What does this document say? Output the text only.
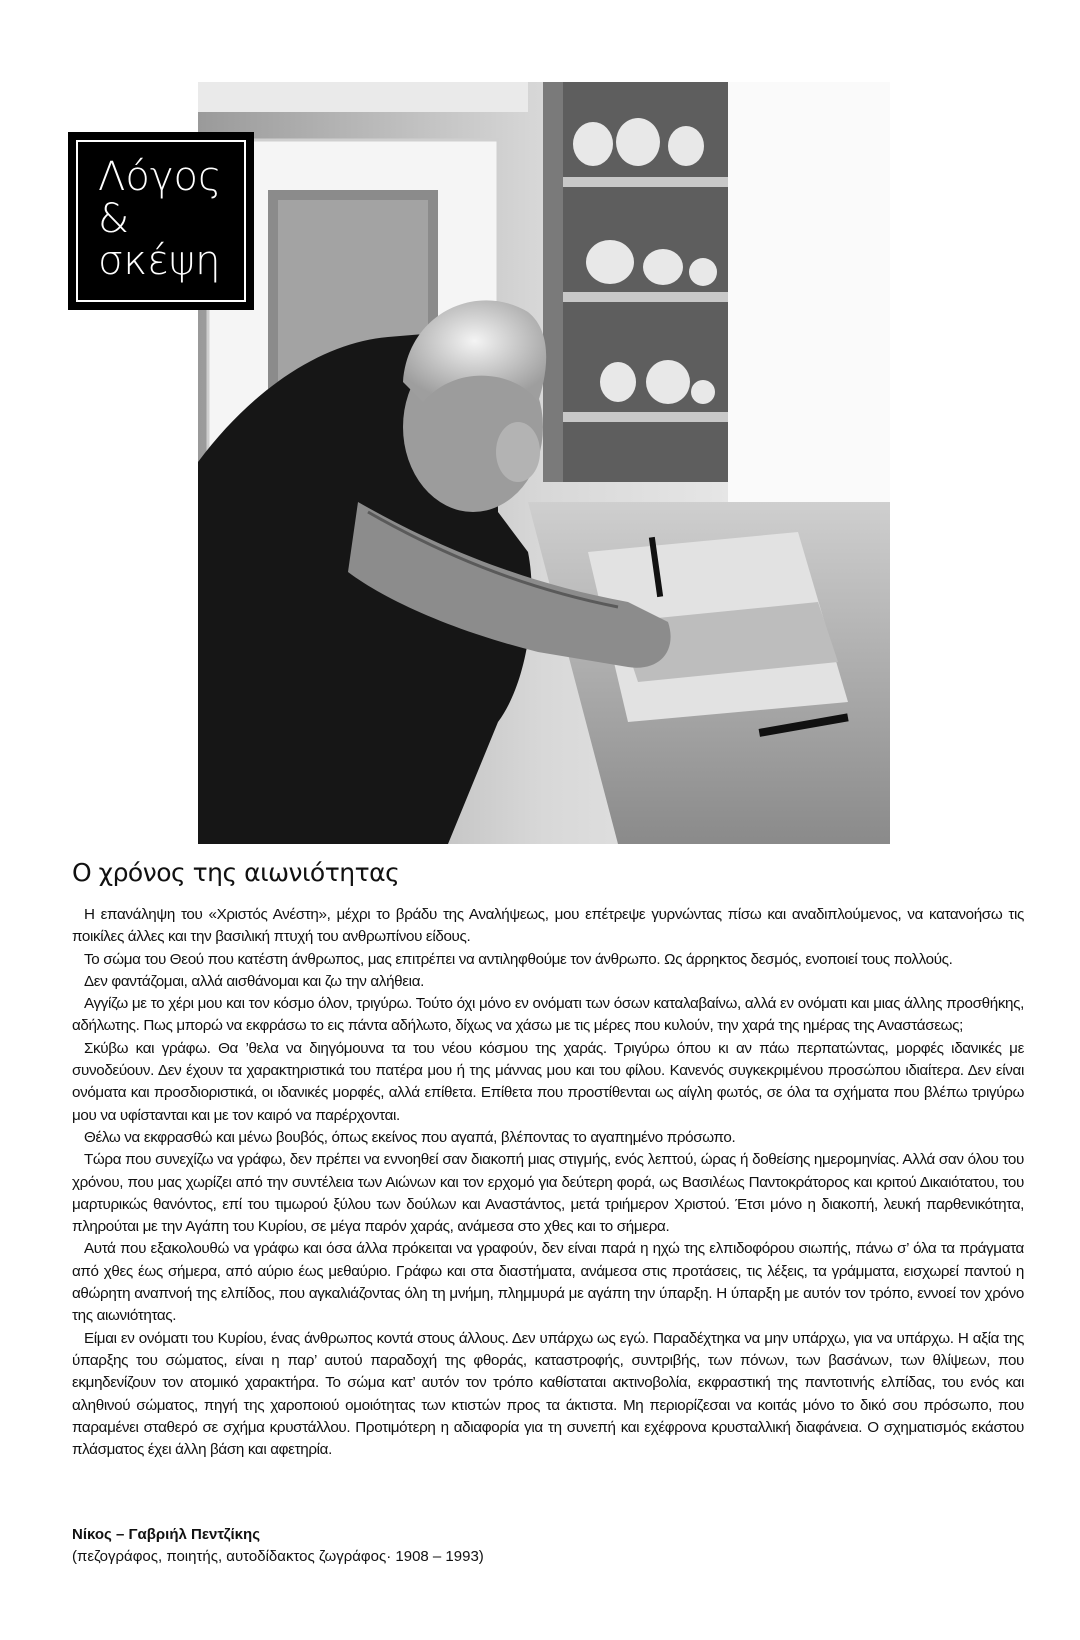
Λόγος
&
σκέψη
Ο χρόνος της αιωνιότητας

Η επανάληψη του «Χριστός Ανέστη», μέχρι το βράδυ της Αναλήψεως, μου επέτρεψε γυρνώντας πίσω και αναδιπλούμενος, να κατανοήσω τις ποικίλες άλλες και την βασιλική πτυχή του ανθρωπίνου είδους.

Το σώμα του Θεού που κατέστη άνθρωπος, μας επιτρέπει να αντιληφθούμε τον άνθρωπο. Ως άρρηκτος δεσμός, ενοποιεί τους πολλούς.

Δεν φαντάζομαι, αλλά αισθάνομαι και ζω την αλήθεια.

Αγγίζω με το χέρι μου και τον κόσμο όλον, τριγύρω. Τούτο όχι μόνο εν ονόματι των όσων καταλαβαίνω, αλλά εν ονόματι και μιας άλλης προσθήκης, αδήλωτης. Πως μπορώ να εκφράσω το εις πάντα αδήλωτο, δίχως να χάσω με τις μέρες που κυλούν, την χαρά της ημέρας της Αναστάσεως;

Σκύβω και γράφω. Θα ’θελα να διηγόμουνα τα του νέου κόσμου της χαράς. Τριγύρω όπου κι αν πάω περπατώντας, μορφές ιδανικές με συνοδεύουν. Δεν έχουν τα χαρακτηριστικά του πατέρα μου ή της μάννας μου και του φίλου. Κανενός συγκεκριμένου προσώπου ιδιαίτερα. Δεν είναι ονόματα και προσδιοριστικά, οι ιδανικές μορφές, αλλά επίθετα. Επίθετα που προστίθενται ως αίγλη φωτός, σε όλα τα σχήματα που βλέπω τριγύρω μου να υφίστανται και με τον καιρό να παρέρχονται.

Θέλω να εκφρασθώ και μένω βουβός, όπως εκείνος που αγαπά, βλέποντας το αγαπημένο πρόσωπο.

Τώρα που συνεχίζω να γράφω, δεν πρέπει να εννοηθεί σαν διακοπή μιας στιγμής, ενός λεπτού, ώρας ή δοθείσης ημερομηνίας. Αλλά σαν όλου του χρόνου, που μας χωρίζει από την συντέλεια των Αιώνων και τον ερχομό για δεύτερη φορά, ως Βασιλέως Παντοκράτορος και κριτού Δικαιότατου, του μαρτυρικώς θανόντος, επί του τιμωρού ξύλου των δούλων και Αναστάντος, μετά τριήμερον Χριστού. Έτσι μόνο η διακοπή, λευκή παρθενικότητα, πληρούται με την Αγάπη του Κυρίου, σε μέγα παρόν χαράς, ανάμεσα στο χθες και το σήμερα.

Αυτά που εξακολουθώ να γράφω και όσα άλλα πρόκειται να γραφούν, δεν είναι παρά η ηχώ της ελπιδοφόρου σιωπής, πάνω σ’ όλα τα πράγματα από χθες έως σήμερα, από αύριο έως μεθαύριο. Γράφω και στα διαστήματα, ανάμεσα στις προτάσεις, τις λέξεις, τα γράμματα, εισχωρεί παντού η αθώρητη αναπνοή της ελπίδος, που αγκαλιάζοντας όλη τη μνήμη, πλημμυρά με αγάπη την ύπαρξη. Η ύπαρξη με αυτόν τον τρόπο, εννοεί τον χρόνο της αιωνιότητας.

Είμαι εν ονόματι του Κυρίου, ένας άνθρωπος κοντά στους άλλους. Δεν υπάρχω ως εγώ. Παραδέχτηκα να μην υπάρχω, για να υπάρχω. Η αξία της ύπαρξης του σώματος, είναι η παρ’ αυτού παραδοχή της φθοράς, καταστροφής, συντριβής, των πόνων, των βασάνων, των θλίψεων, που εκμηδενίζουν τον ατομικό χαρακτήρα. Το σώμα κατ’ αυτόν τον τρόπο καθίσταται ακτινοβολία, εκφραστική της παντοτινής ελπίδας, του ενός και αληθινού σώματος, πηγή της χαροποιού ομοιότητας των κτιστών προς τα άκτιστα. Μη περιορίζεσαι να κοιτάς μόνο το δικό σου πρόσωπο, που παραμένει σταθερό σε σχήμα κρυστάλλου. Προτιμότερη η αδιαφορία για τη συνεπή και εχέφρονα κρυσταλλική διαφάνεια. Ο σχηματισμός εκάστου πλάσματος έχει άλλη βάση και αφετηρία.

Νίκος – Γαβριήλ Πεντζίκης
(πεζογράφος, ποιητής, αυτοδίδακτος ζωγράφος· 1908 – 1993)
